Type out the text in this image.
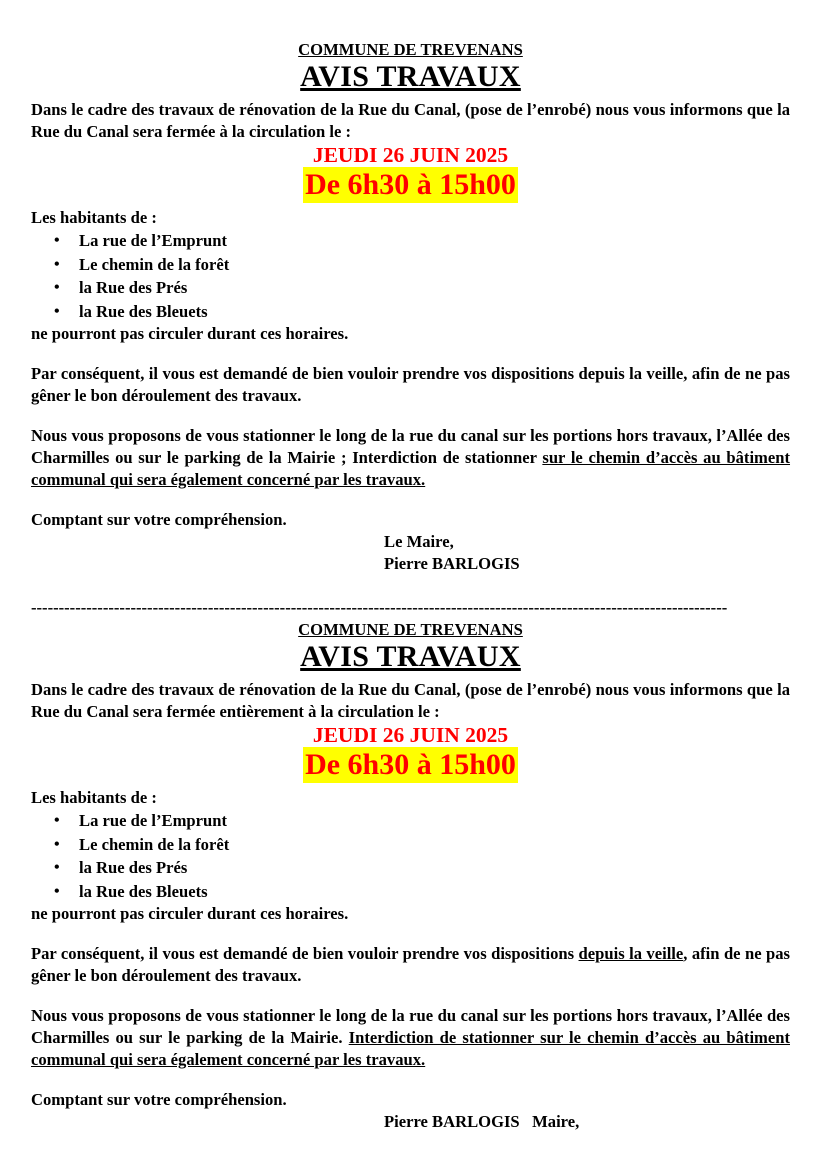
COMMUNE DE TREVENANS
AVIS TRAVAUX

Dans le cadre des travaux de rénovation de la Rue du Canal, (pose de l’enrobé) nous vous informons que la Rue du Canal sera fermée à la circulation le :

JEUDI 26 JUIN 2025
De 6h30 à 15h00
Les habitants de :
• La rue de l’Emprunt
• Le chemin de la forêt
• la Rue des Prés
• la Rue des Bleuets
ne pourront pas circuler durant ces horaires.

Par conséquent, il vous est demandé de bien vouloir prendre vos dispositions depuis la veille, afin de ne pas gêner le bon déroulement des travaux.

Nous vous proposons de vous stationner le long de la rue du canal sur les portions hors travaux, l’Allée des Charmilles ou sur le parking de la Mairie ; Interdiction de stationner sur le chemin d’accès au bâtiment communal qui sera également concerné par les travaux.

Comptant sur votre compréhension.

Le Maire,
Pierre BARLOGIS
------------------------------------------------------------------------------------------------------------------------------
COMMUNE DE TREVENANS
AVIS TRAVAUX

Dans le cadre des travaux de rénovation de la Rue du Canal, (pose de l’enrobé) nous vous informons que la Rue du Canal sera fermée entièrement à la circulation le :

JEUDI 26 JUIN 2025
De 6h30 à 15h00
Les habitants de :
• La rue de l’Emprunt
• Le chemin de la forêt
• la Rue des Prés
• la Rue des Bleuets
ne pourront pas circuler durant ces horaires.

Par conséquent, il vous est demandé de bien vouloir prendre vos dispositions depuis la veille, afin de ne pas gêner le bon déroulement des travaux.

Nous vous proposons de vous stationner le long de la rue du canal sur les portions hors travaux, l’Allée des Charmilles ou sur le parking de la Mairie. Interdiction de stationner sur le chemin d’accès au bâtiment communal qui sera également concerné par les travaux.

Comptant sur votre compréhension.

Pierre BARLOGIS   Maire,
